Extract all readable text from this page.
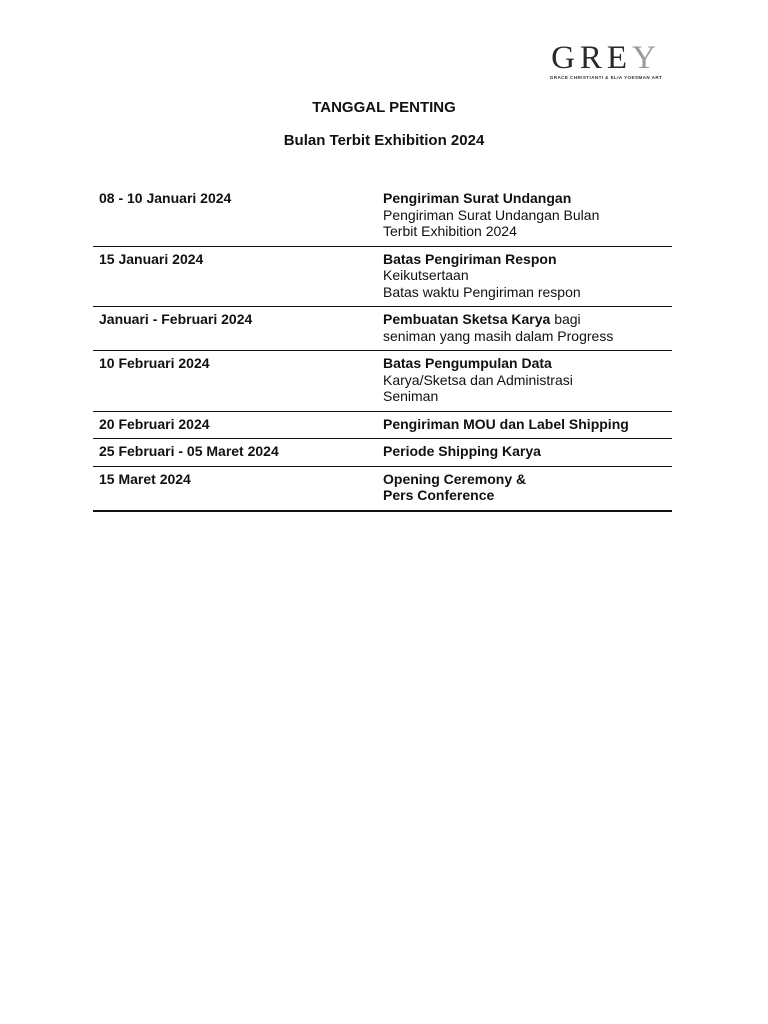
GREY
GRACE CHRISTIANTI & ELIA YOESMAN ART
TANGGAL PENTING
Bulan Terbit Exhibition 2024
08 - 10 Januari 2024	Pengiriman Surat Undangan
Pengiriman Surat Undangan Bulan
Terbit Exhibition 2024
15 Januari 2024	Batas Pengiriman Respon
Keikutsertaan
Batas waktu Pengiriman respon
Januari - Februari 2024	Pembuatan Sketsa Karya bagi
seniman yang masih dalam Progress
10 Februari 2024	Batas Pengumpulan Data
Karya/Sketsa dan Administrasi
Seniman
20 Februari 2024	Pengiriman MOU dan Label Shipping
25 Februari - 05 Maret 2024	Periode Shipping Karya
15 Maret 2024	Opening Ceremony &
Pers Conference
